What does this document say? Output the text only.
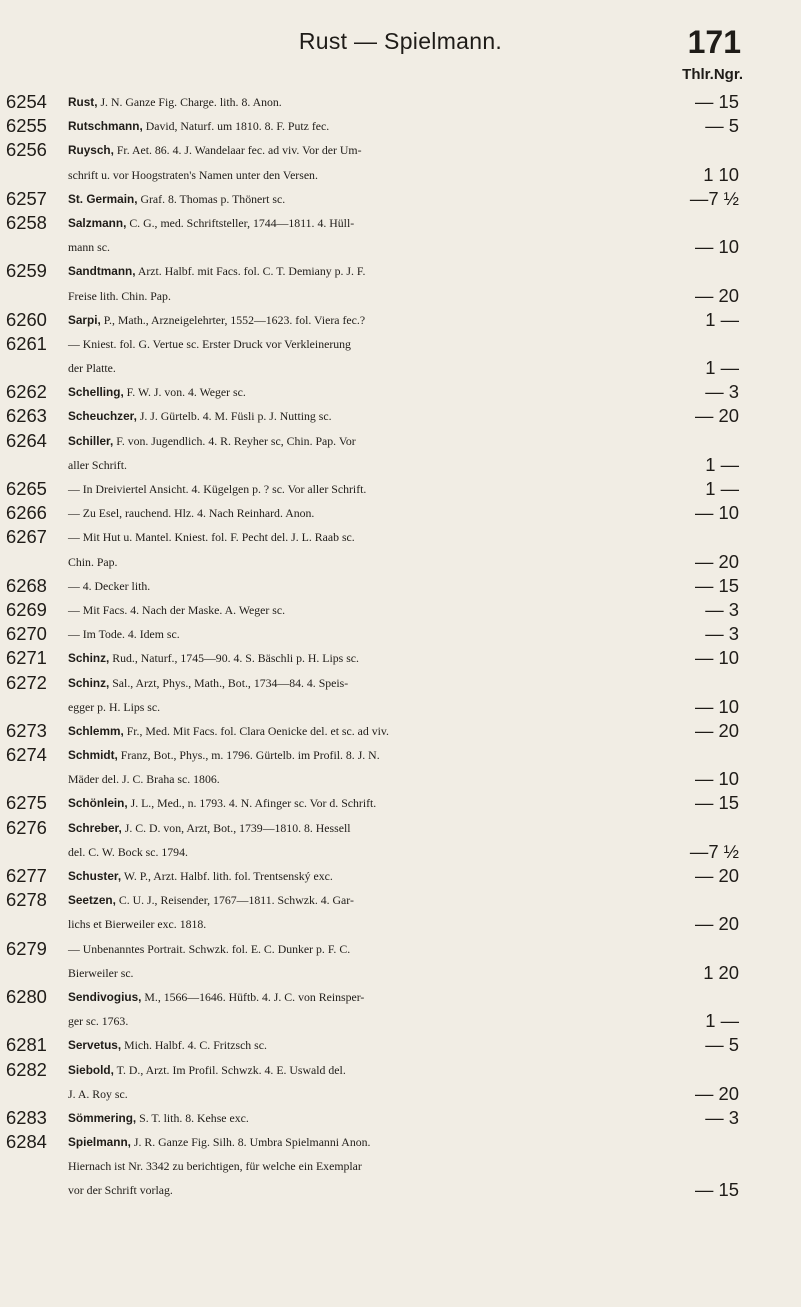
Rust — Spielmann.	171
Thlr.Ngr.
6254	Rust, J. N. Ganze Fig. Charge. lith. 8. Anon.	— 15
6255	Rutschmann, David, Naturf. um 1810. 8. F. Putz fec.	— 5
6256	Ruysch, Fr. Aet. 86. 4. J. Wandelaar fec. ad viv. Vor der Um-
schrift u. vor Hoogstraten's Namen unter den Versen.	1 10
6257	St. Germain, Graf. 8. Thomas p. Thönert sc.	—7 ½
6258	Salzmann, C. G., med. Schriftsteller, 1744—1811. 4. Hüll-
mann sc.	— 10
6259	Sandtmann, Arzt. Halbf. mit Facs. fol. C. T. Demiany p. J. F.
Freise lith. Chin. Pap.	— 20
6260	Sarpi, P., Math., Arzneigelehrter, 1552—1623. fol. Viera fec.?	1 —
6261	— Kniest. fol. G. Vertue sc. Erster Druck vor Verkleinerung
der Platte.	1 —
6262	Schelling, F. W. J. von. 4. Weger sc.	— 3
6263	Scheuchzer, J. J. Gürtelb. 4. M. Füsli p. J. Nutting sc.	— 20
6264	Schiller, F. von. Jugendlich. 4. R. Reyher sc, Chin. Pap. Vor
aller Schrift.	1 —
6265	— In Dreiviertel Ansicht. 4. Kügelgen p. ? sc. Vor aller Schrift.	1 —
6266	— Zu Esel, rauchend. Hlz. 4. Nach Reinhard. Anon.	— 10
6267	— Mit Hut u. Mantel. Kniest. fol. F. Pecht del. J. L. Raab sc.
Chin. Pap.	— 20
6268	— 4. Decker lith.	— 15
6269	— Mit Facs. 4. Nach der Maske. A. Weger sc.	— 3
6270	— Im Tode. 4. Idem sc.	— 3
6271	Schinz, Rud., Naturf., 1745—90. 4. S. Bäschli p. H. Lips sc.	— 10
6272	Schinz, Sal., Arzt, Phys., Math., Bot., 1734—84. 4. Speis-
egger p. H. Lips sc.	— 10
6273	Schlemm, Fr., Med. Mit Facs. fol. Clara Oenicke del. et sc. ad viv.	— 20
6274	Schmidt, Franz, Bot., Phys., m. 1796. Gürtelb. im Profil. 8. J. N.
Mäder del. J. C. Braha sc. 1806.	— 10
6275	Schönlein, J. L., Med., n. 1793. 4. N. Afinger sc. Vor d. Schrift.	— 15
6276	Schreber, J. C. D. von, Arzt, Bot., 1739—1810. 8. Hessell
del. C. W. Bock sc. 1794.	—7 ½
6277	Schuster, W. P., Arzt. Halbf. lith. fol. Trentsenský exc.	— 20
6278	Seetzen, C. U. J., Reisender, 1767—1811. Schwzk. 4. Gar-
lichs et Bierweiler exc. 1818.	— 20
6279	— Unbenanntes Portrait. Schwzk. fol. E. C. Dunker p. F. C.
Bierweiler sc.	1 20
6280	Sendivogius, M., 1566—1646. Hüftb. 4. J. C. von Reinsper-
ger sc. 1763.	1 —
6281	Servetus, Mich. Halbf. 4. C. Fritzsch sc.	— 5
6282	Siebold, T. D., Arzt. Im Profil. Schwzk. 4. E. Uswald del.
J. A. Roy sc.	— 20
6283	Sömmering, S. T. lith. 8. Kehse exc.	— 3
6284	Spielmann, J. R. Ganze Fig. Silh. 8. Umbra Spielmanni Anon.
Hiernach ist Nr. 3342 zu berichtigen, für welche ein Exemplar
vor der Schrift vorlag.	— 15
